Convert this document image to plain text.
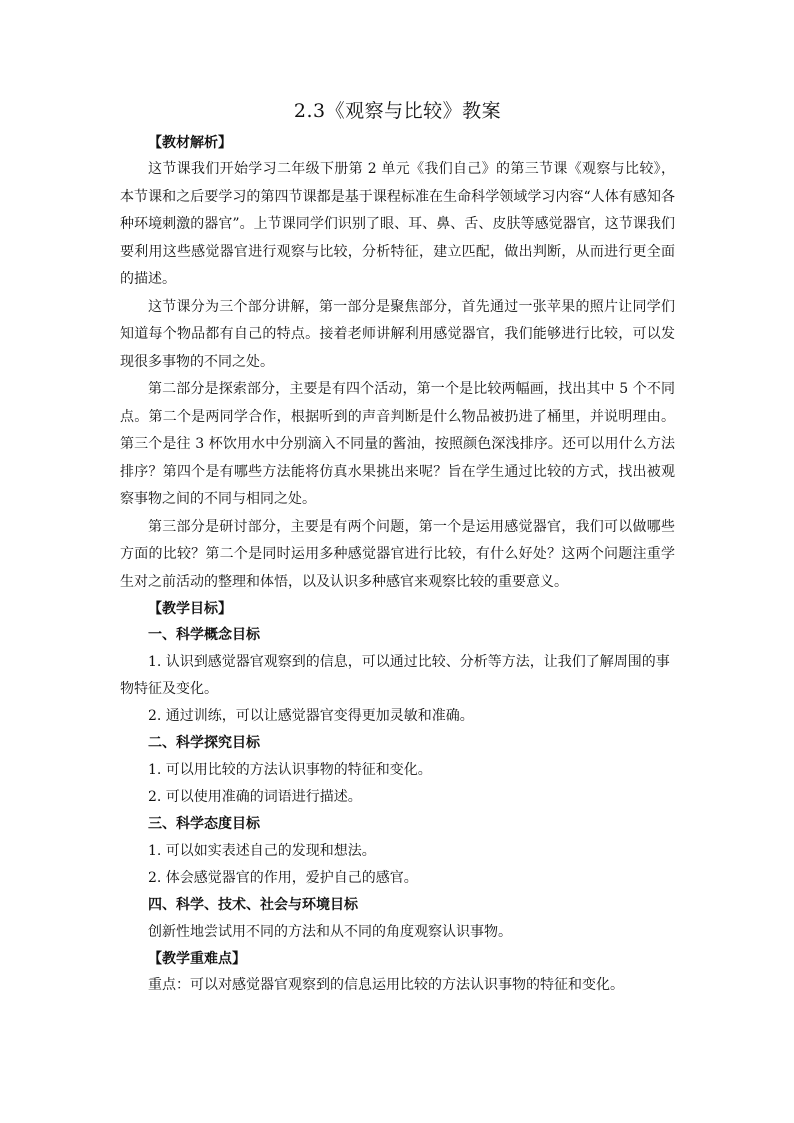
2.3《观察与比较》教案

【教材解析】

这节课我们开始学习二年级下册第 2 单元《我们自己》的第三节课《观察与比较》，本节课和之后要学习的第四节课都是基于课程标准在生命科学领域学习内容“人体有感知各种环境刺激的器官”。上节课同学们识别了眼、耳、鼻、舌、皮肤等感觉器官，这节课我们要利用这些感觉器官进行观察与比较，分析特征，建立匹配，做出判断，从而进行更全面的描述。

这节课分为三个部分讲解，第一部分是聚焦部分，首先通过一张苹果的照片让同学们知道每个物品都有自己的特点。接着老师讲解利用感觉器官，我们能够进行比较，可以发现很多事物的不同之处。

第二部分是探索部分，主要是有四个活动，第一个是比较两幅画，找出其中 5 个不同点。第二个是两同学合作，根据听到的声音判断是什么物品被扔进了桶里，并说明理由。第三个是往 3 杯饮用水中分别滴入不同量的酱油，按照颜色深浅排序。还可以用什么方法排序？第四个是有哪些方法能将仿真水果挑出来呢？旨在学生通过比较的方式，找出被观察事物之间的不同与相同之处。

第三部分是研讨部分，主要是有两个问题，第一个是运用感觉器官，我们可以做哪些方面的比较？第二个是同时运用多种感觉器官进行比较，有什么好处？这两个问题注重学生对之前活动的整理和体悟，以及认识多种感官来观察比较的重要意义。

【教学目标】

一、科学概念目标

1. 认识到感觉器官观察到的信息，可以通过比较、分析等方法，让我们了解周围的事物特征及变化。

2. 通过训练，可以让感觉器官变得更加灵敏和准确。

二、科学探究目标

1. 可以用比较的方法认识事物的特征和变化。

2. 可以使用准确的词语进行描述。

三、科学态度目标

1. 可以如实表述自己的发现和想法。

2. 体会感觉器官的作用，爱护自己的感官。

四、科学、技术、社会与环境目标

创新性地尝试用不同的方法和从不同的角度观察认识事物。

【教学重难点】

重点：可以对感觉器官观察到的信息运用比较的方法认识事物的特征和变化。
